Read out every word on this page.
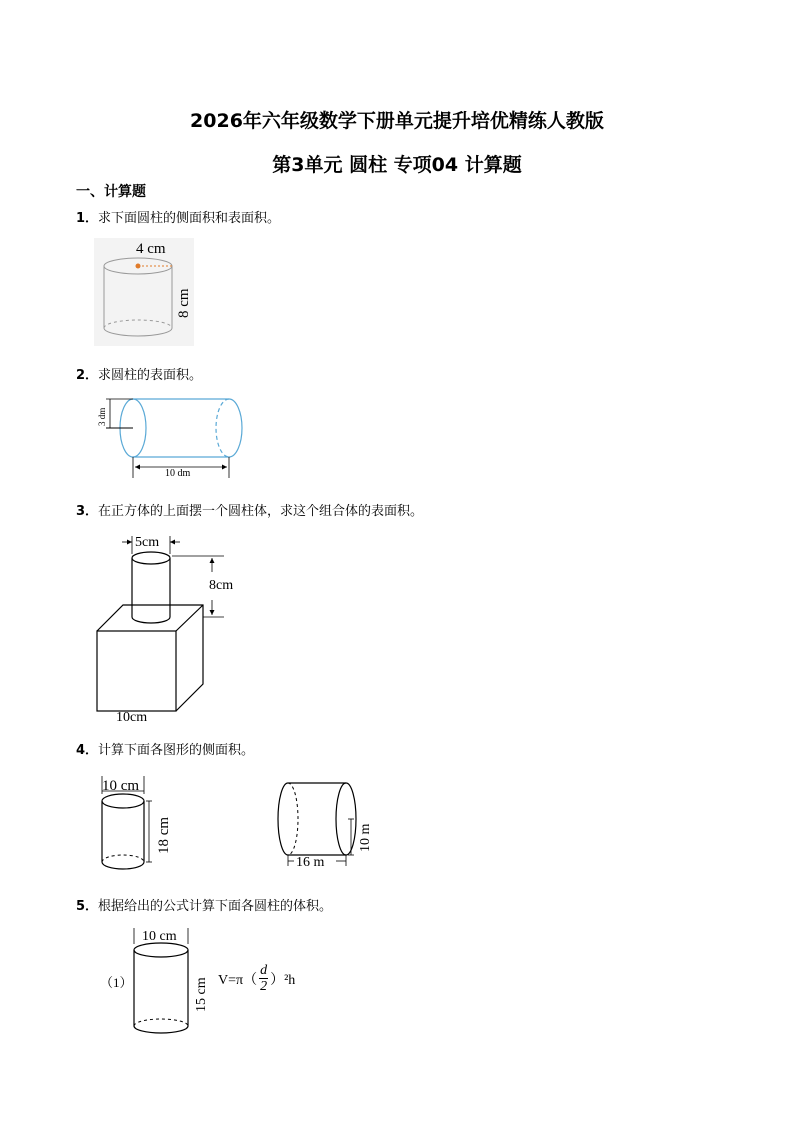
2026年六年级数学下册单元提升培优精练人教版
第3单元 圆柱 专项04 计算题
一、计算题
1．求下面圆柱的侧面积和表面积。
4 cm
8 cm
2．求圆柱的表面积。
3 dm
10 dm
3．在正方体的上面摆一个圆柱体，求这个组合体的表面积。
5cm
8cm
10cm
4．计算下面各图形的侧面积。
10 cm
18 cm
16 m
10 m
5．根据给出的公式计算下面各圆柱的体积。
（1）
10 cm
15 cm $V=\pi( \frac{d}{2} )^2h$
